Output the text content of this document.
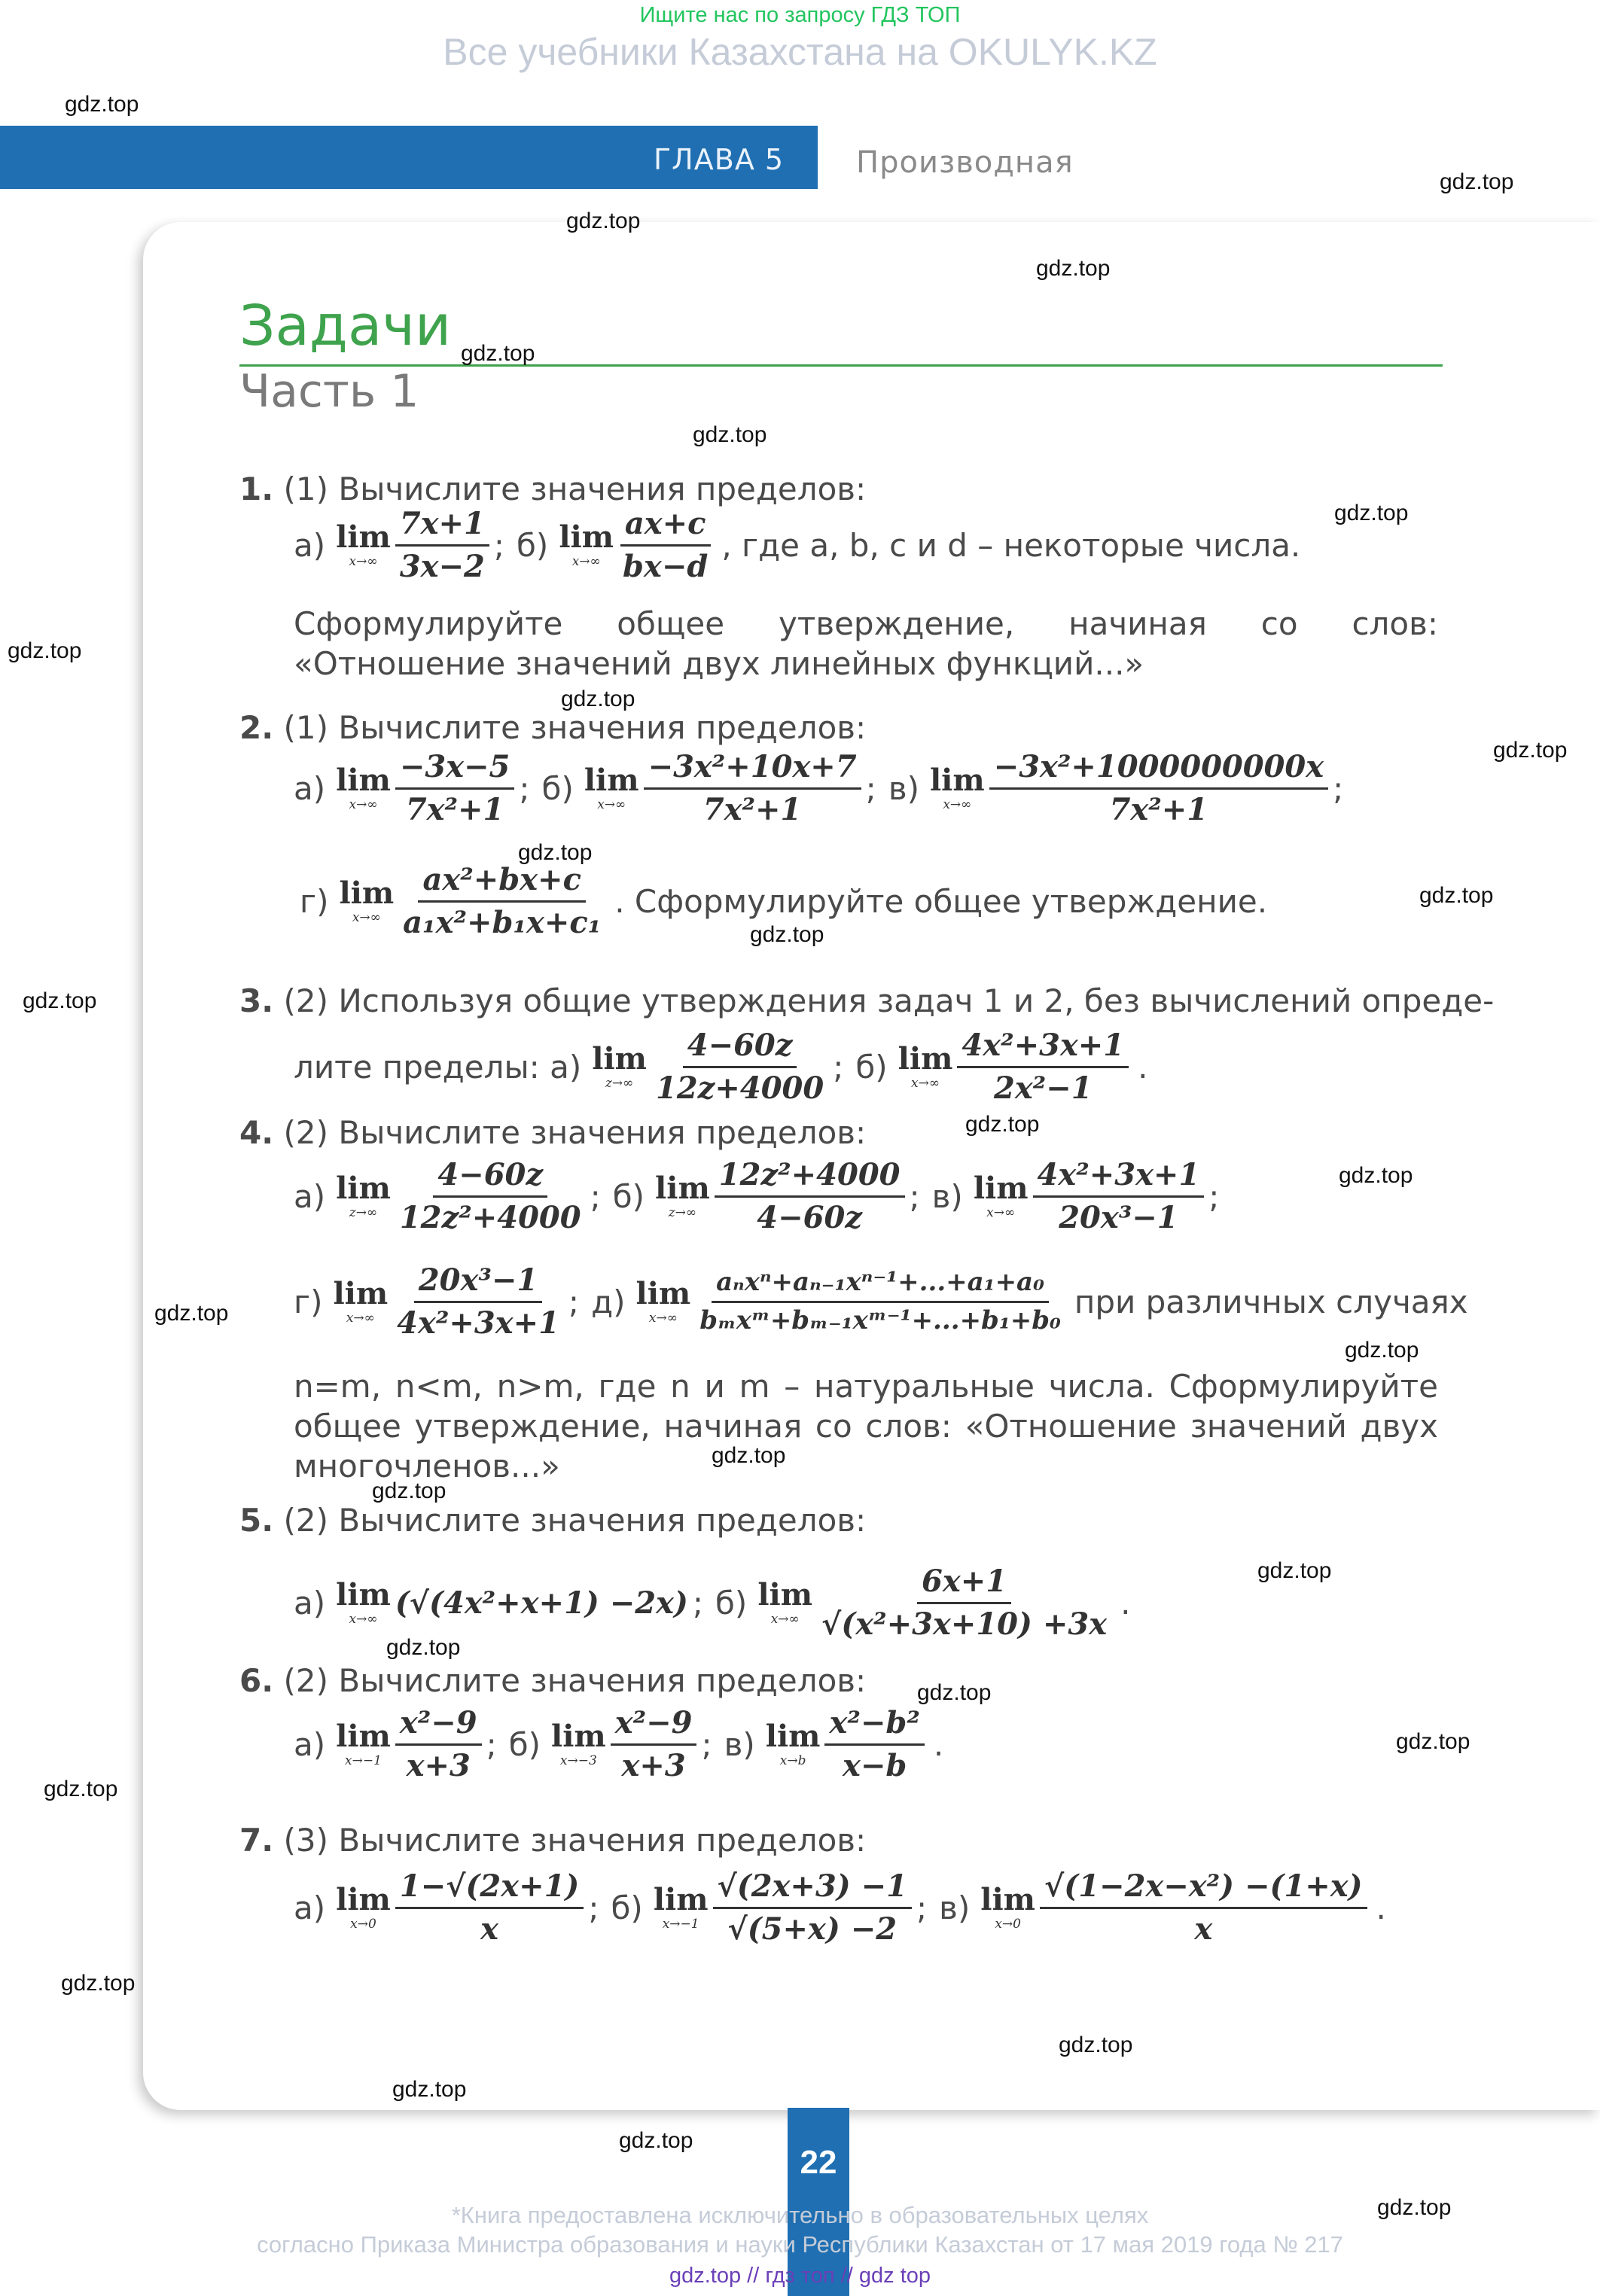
Ищите нас по запросу ГДЗ ТОП
Все учебники Казахстана на OKULYK.KZ
ГЛАВА 5 Производная
Задачи
Часть 1
1. (1) Вычислите значения пределов:
а) lim
$x\to\infty \frac{7x+1}{3x-2}$ ; б) lim
$x\to\infty \frac{ax+c}{bx-d}$ , где a, b, c и d – некоторые числа.
Сформулируйте общее утверждение, начиная со слов: «Отношение значений двух линейных функций...»
2. (1) Вычислите значения пределов:
а) lim
$x\to\infty \frac{-3x-5}{\text{7x²+1}}$ ; б) lim
$x\to\infty \frac{\text{−3x²+10x+7}}{\text{7x²+1}}$ ; в) lim
$x\to\infty \frac{\text{−3x²+1000000000x}}{\text{7x²+1}}$ ;
г) lim
$x\to\infty \frac{\text{ax²+bx+c}}{\text{a₁x²+b₁x+c₁}}$ . Сформулируйте общее утверждение.
3. (2) Используя общие утверждения задач 1 и 2, без вычислений опреде-
лите пределы: а) lim
$z\to\infty \frac{4-60z}{12z+4000}$ ; б) lim
$x\to\infty \frac{\text{4x²+3x+1}}{\text{2x²−1}}$ .
4. (2) Вычислите значения пределов:
а) lim
$z\to\infty \frac{4-60z}{\text{12z²+4000}}$ ; б) lim
$z\to\infty \frac{\text{12z²+4000}}{4-60z}$ ; в) lim
$x\to\infty \frac{\text{4x²+3x+1}}{\text{20x³−1}}$ ;
г) lim
$x\to\infty \frac{\text{20x³−1}}{\text{4x²+3x+1}}$ ; д) lim
$x\to\infty \frac{\text{aₙxⁿ+aₙ₋₁xⁿ⁻¹+...+a₁+a₀}}{\text{bₘxᵐ+bₘ₋₁xᵐ⁻¹+...+b₁+b₀}}$ при различных случаях
n=m, n<m, n>m, где n и m – натуральные числа. Сформулируйте общее утверждение, начиная со слов: «Отношение значений двух многочленов...»
5. (2) Вычислите значения пределов:
а) lim
x→∞ (√(4x²+x+1) −2x) ; б) lim
$x\to\infty \frac{6x+1}{\text{√(x²+3x+10) +3x}}$ .
6. (2) Вычислите значения пределов:
а) lim
$x\to-1 \frac{\text{x²−9}}{x+3}$ ; б) lim
$x\to-3 \frac{\text{x²−9}}{x+3}$ ; в) lim
$x\to b \frac{\text{x²−b²}}{x-b}$ .
7. (3) Вычислите значения пределов:
а) lim
$x\to 0 \frac{1-√(2x+1)}{x}$ ; б) lim
$x\to-1 \frac{√(2x+3) -1}{√(5+x) -2}$ ; в) lim
$x\to 0 \frac{\text{√(1−2x−x²) −(1+x)}}{x}$ .
22
*Книга предоставлена исключительно в образовательных целях
согласно Приказа Министра образования и науки Республики Казахстан от 17 мая 2019 года № 217
gdz.top // гдз топ // gdz top
gdz.top
gdz.top
gdz.top
gdz.top
gdz.top
gdz.top
gdz.top
gdz.top
gdz.top
gdz.top
gdz.top
gdz.top
gdz.top
gdz.top
gdz.top
gdz.top
gdz.top
gdz.top
gdz.top
gdz.top
gdz.top
gdz.top
gdz.top
gdz.top
gdz.top
gdz.top
gdz.top
gdz.top
gdz.top
gdz.top
